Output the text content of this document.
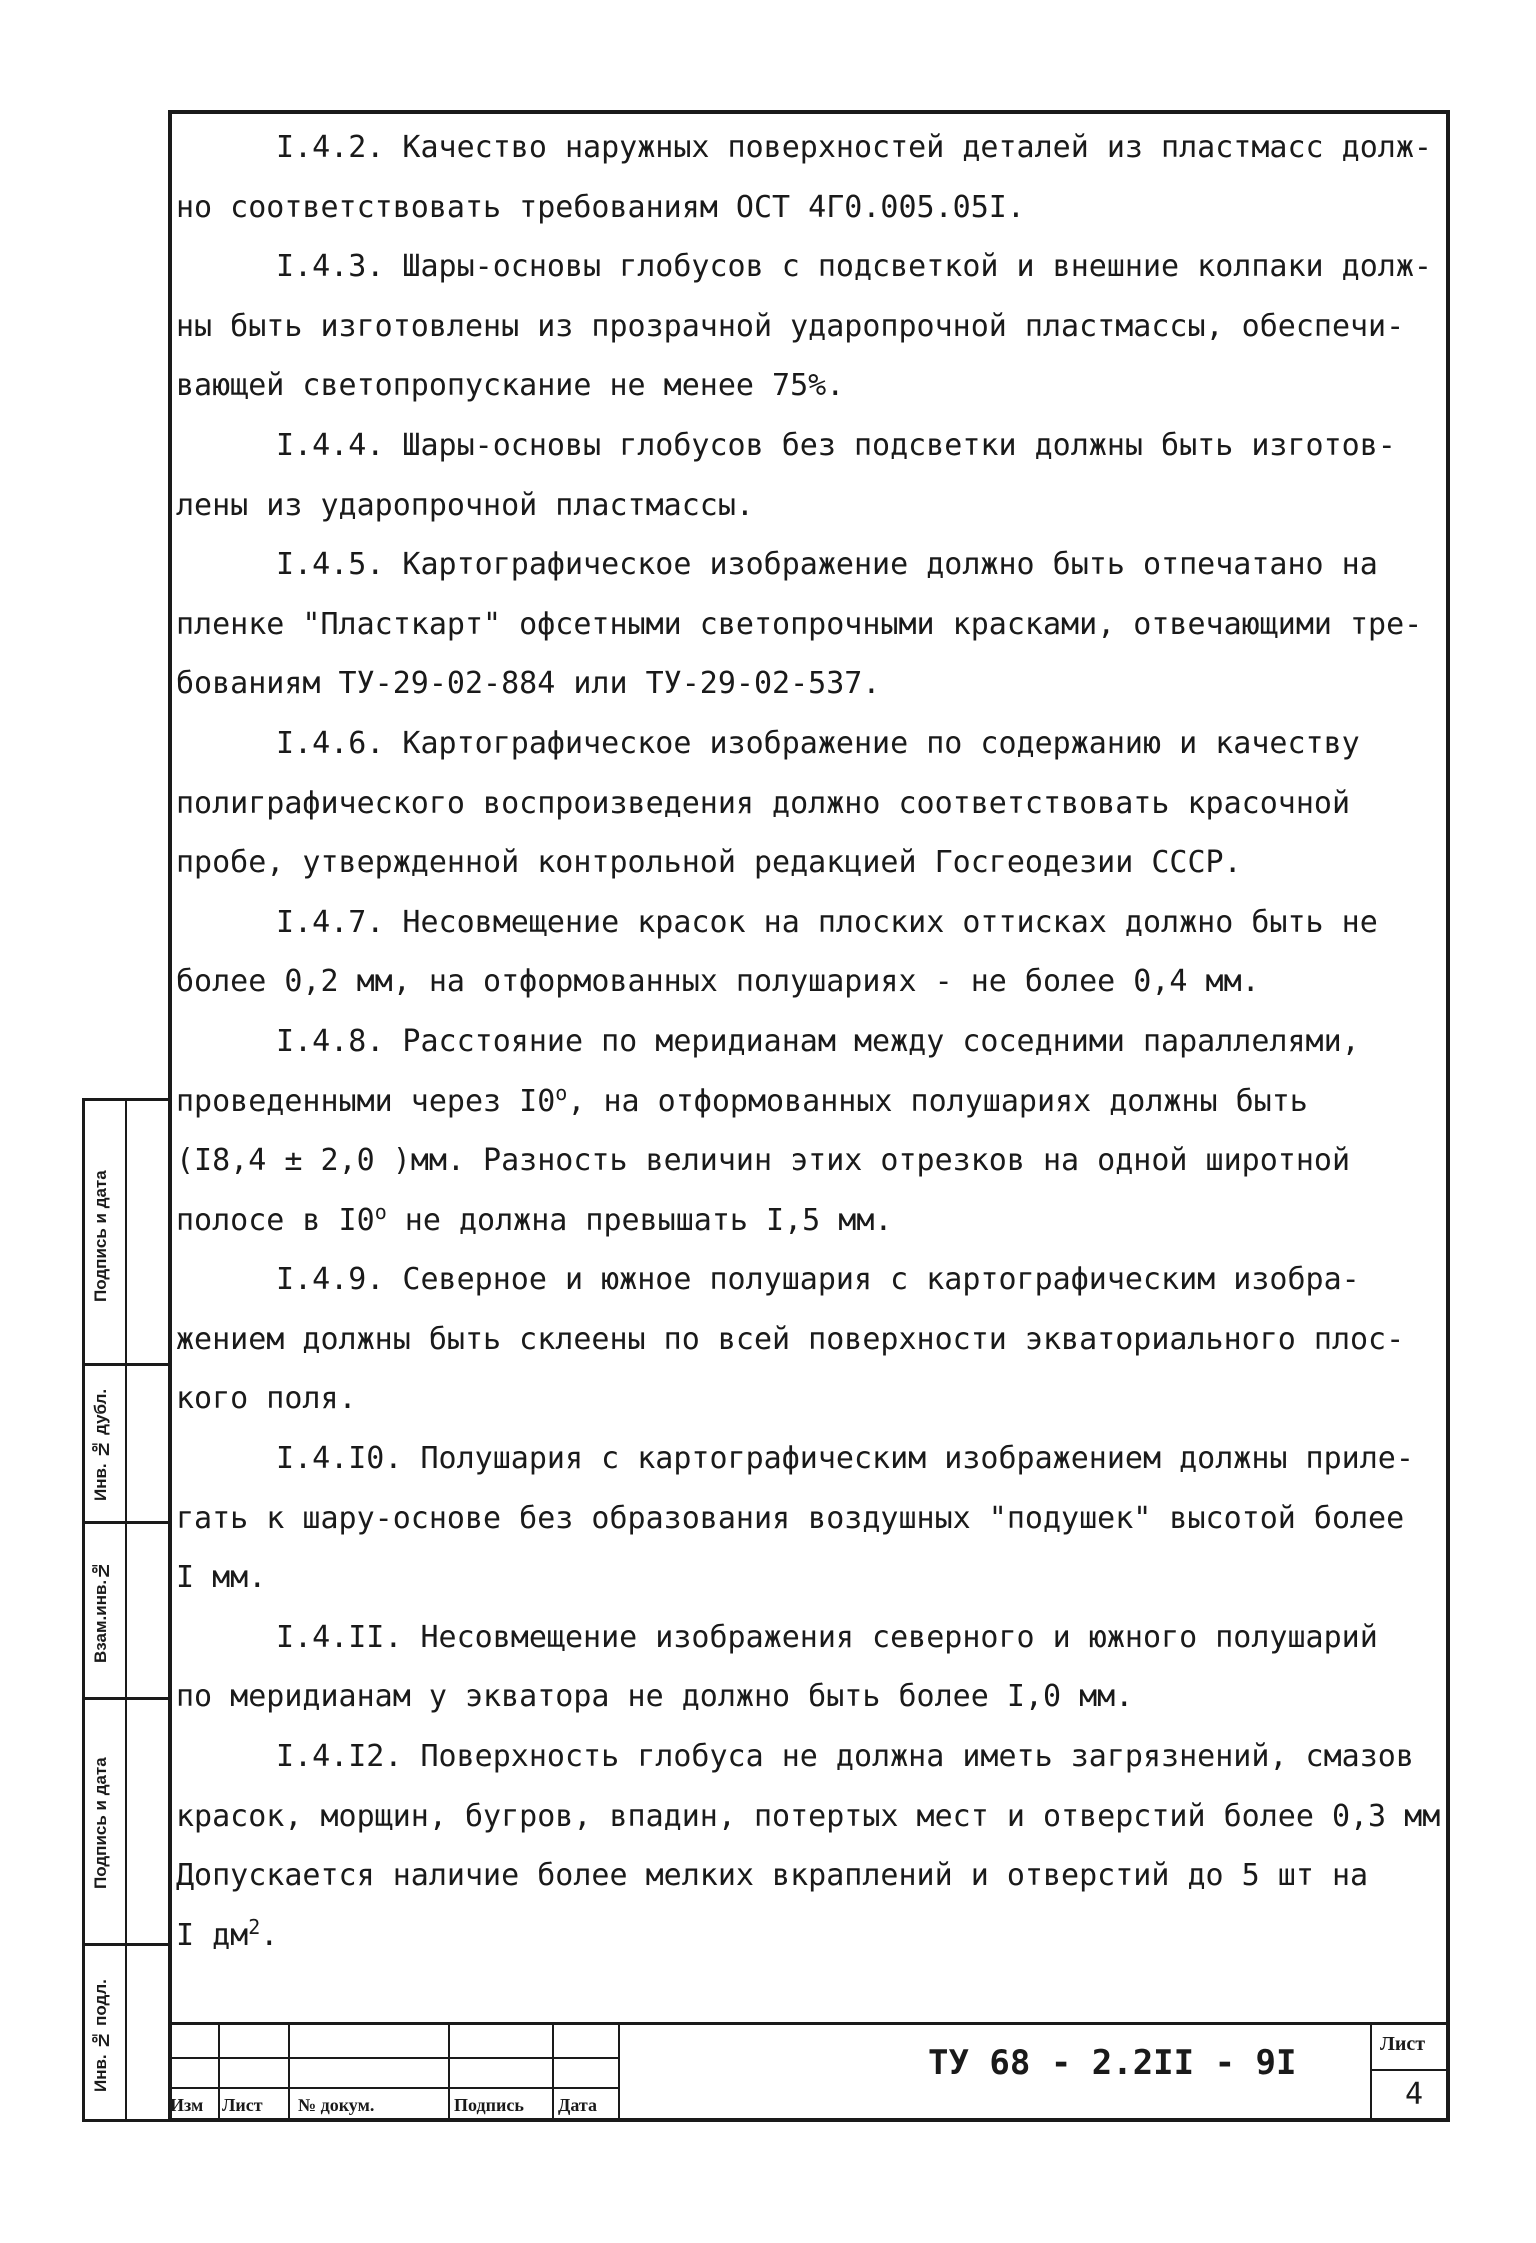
I.4.2. Качество наружных поверхностей деталей из пластмасс долж-
но соответствовать требованиям ОСТ 4Г0.005.05I.
I.4.3. Шары-основы глобусов с подсветкой и внешние колпаки долж-
ны быть изготовлены из прозрачной ударопрочной пластмассы, обеспечи-
вающей светопропускание не менее 75%.
I.4.4. Шары-основы глобусов без подсветки должны быть изготов-
лены из ударопрочной пластмассы.
I.4.5. Картографическое изображение должно быть отпечатано на
пленке "Пласткарт" офсетными светопрочными красками, отвечающими тре-
бованиям ТУ-29-02-884 или ТУ-29-02-537.
I.4.6. Картографическое изображение по содержанию и качеству
полиграфического воспроизведения должно соответствовать красочной
пробе, утвержденной контрольной редакцией Госгеодезии СССР.
I.4.7. Несовмещение красок на плоских оттисках должно быть не
более 0,2 мм, на отформованных полушариях - не более 0,4 мм.
I.4.8. Расстояние по меридианам между соседними параллелями,
проведенными через $I0^о$, на отформованных полушариях должны быть
(I8,4 ± 2,0 )мм. Разность величин этих отрезков на одной широтной
полосе в $I0^о$ не должна превышать I,5 мм.
I.4.9. Северное и южное полушария с картографическим изобра-
жением должны быть склеены по всей поверхности экваториального плос-
кого поля.
I.4.I0. Полушария с картографическим изображением должны приле-
гать к шару-основе без образования воздушных "подушек" высотой более
I мм.
I.4.II. Несовмещение изображения северного и южного полушарий
по меридианам у экватора не должно быть более I,0 мм.
I.4.I2. Поверхность глобуса не должна иметь загрязнений, смазов
красок, морщин, бугров, впадин, потертых мест и отверстий более 0,3 мм
Допускается наличие более мелких вкраплений и отверстий до 5 шт на
I $дм^2$.
Подпись и дата
Инв. № дубл.
Взам.инв.№
Подпись и дата
Инв. № подл.
Изм Лист № докум.	Подпись Дата
ТУ 68 - 2.2II - 9I	Лист
4
